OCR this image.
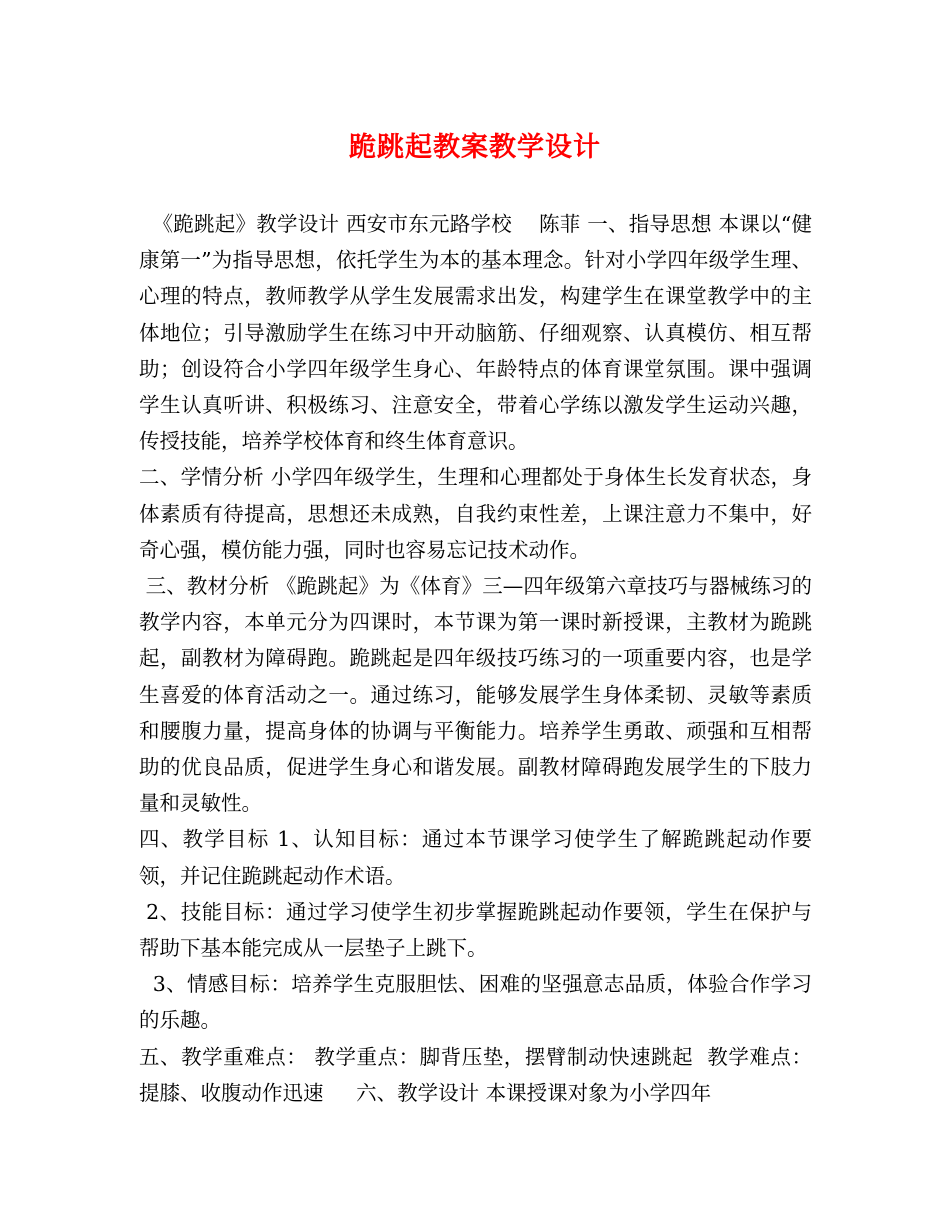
跪跳起教案教学设计

《跪跳起》教学设计 西安市东元路学校    陈菲 一、指导思想 本课以“健康第一”为指导思想，依托学生为本的基本理念。针对小学四年级学生理、心理的特点，教师教学从学生发展需求出发，构建学生在课堂教学中的主体地位；引导激励学生在练习中开动脑筋、仔细观察、认真模仿、相互帮助；创设符合小学四年级学生身心、年龄特点的体育课堂氛围。课中强调学生认真听讲、积极练习、注意安全，带着心学练以激发学生运动兴趣，传授技能，培养学校体育和终生体育意识。

二、学情分析 小学四年级学生，生理和心理都处于身体生长发育状态，身体素质有待提高，思想还未成熟，自我约束性差，上课注意力不集中，好奇心强，模仿能力强，同时也容易忘记技术动作。

三、教材分析 《跪跳起》为《体育》三—四年级第六章技巧与器械练习的教学内容，本单元分为四课时，本节课为第一课时新授课，主教材为跪跳起，副教材为障碍跑。跪跳起是四年级技巧练习的一项重要内容，也是学生喜爱的体育活动之一。通过练习，能够发展学生身体柔韧、灵敏等素质和腰腹力量，提高身体的协调与平衡能力。培养学生勇敢、顽强和互相帮助的优良品质，促进学生身心和谐发展。副教材障碍跑发展学生的下肢力量和灵敏性。

四、教学目标 1、认知目标：通过本节课学习使学生了解跪跳起动作要领，并记住跪跳起动作术语。

2、技能目标：通过学习使学生初步掌握跪跳起动作要领，学生在保护与帮助下基本能完成从一层垫子上跳下。

3、情感目标：培养学生克服胆怯、困难的坚强意志品质，体验合作学习的乐趣。

五、教学重难点： 教学重点：脚背压垫，摆臂制动快速跳起  教学难点：提膝、收腹动作迅速     六、教学设计 本课授课对象为小学四年
